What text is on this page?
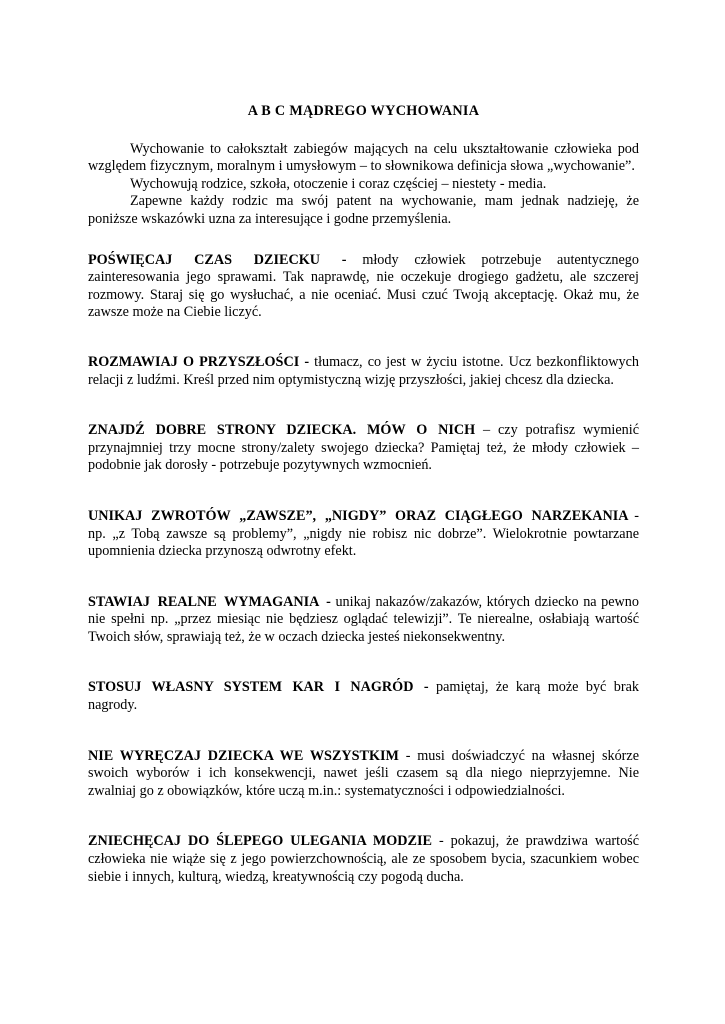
A B C MĄDREGO WYCHOWANIA

Wychowanie to całokształt zabiegów mających na celu ukształtowanie człowieka pod względem fizycznym, moralnym i umysłowym – to słownikowa definicja słowa „wychowanie”.

Wychowują rodzice, szkoła, otoczenie i coraz częściej – niestety - media.

Zapewne każdy rodzic ma swój patent na wychowanie, mam jednak nadzieję, że poniższe wskazówki uzna za interesujące i godne przemyślenia.

POŚWIĘCAJ CZAS DZIECKU - młody człowiek potrzebuje autentycznego zainteresowania jego sprawami. Tak naprawdę, nie oczekuje drogiego gadżetu, ale szczerej rozmowy. Staraj się go wysłuchać, a nie oceniać. Musi czuć Twoją akceptację. Okaż mu, że zawsze może na Ciebie liczyć.

ROZMAWIAJ O PRZYSZŁOŚCI - tłumacz, co jest w życiu istotne. Ucz bezkonfliktowych relacji z ludźmi. Kreśl przed nim optymistyczną wizję przyszłości, jakiej chcesz dla dziecka.

ZNAJDŹ DOBRE STRONY DZIECKA. MÓW O NICH – czy potrafisz wymienić przynajmniej trzy mocne strony/zalety swojego dziecka? Pamiętaj też, że młody człowiek – podobnie jak dorosły - potrzebuje pozytywnych wzmocnień.

UNIKAJ ZWROTÓW „ZAWSZE”, „NIGDY” ORAZ CIĄGŁEGO NARZEKANIA - np. „z Tobą zawsze są problemy”, „nigdy nie robisz nic dobrze”. Wielokrotnie powtarzane upomnienia dziecka przynoszą odwrotny efekt.

STAWIAJ REALNE WYMAGANIA - unikaj nakazów/zakazów, których dziecko na pewno nie spełni np. „przez miesiąc nie będziesz oglądać telewizji”. Te nierealne, osłabiają wartość Twoich słów, sprawiają też, że w oczach dziecka jesteś niekonsekwentny.

STOSUJ WŁASNY SYSTEM KAR I NAGRÓD - pamiętaj, że karą może być brak nagrody.

NIE WYRĘCZAJ DZIECKA WE WSZYSTKIM - musi doświadczyć na własnej skórze swoich wyborów i ich konsekwencji, nawet jeśli czasem są dla niego nieprzyjemne. Nie zwalniaj go z obowiązków, które uczą m.in.: systematyczności i odpowiedzialności.

ZNIECHĘCAJ DO ŚLEPEGO ULEGANIA MODZIE - pokazuj, że prawdziwa wartość człowieka nie wiąże się z jego powierzchownością, ale ze sposobem bycia, szacunkiem wobec siebie i innych, kulturą, wiedzą, kreatywnością czy pogodą ducha.
